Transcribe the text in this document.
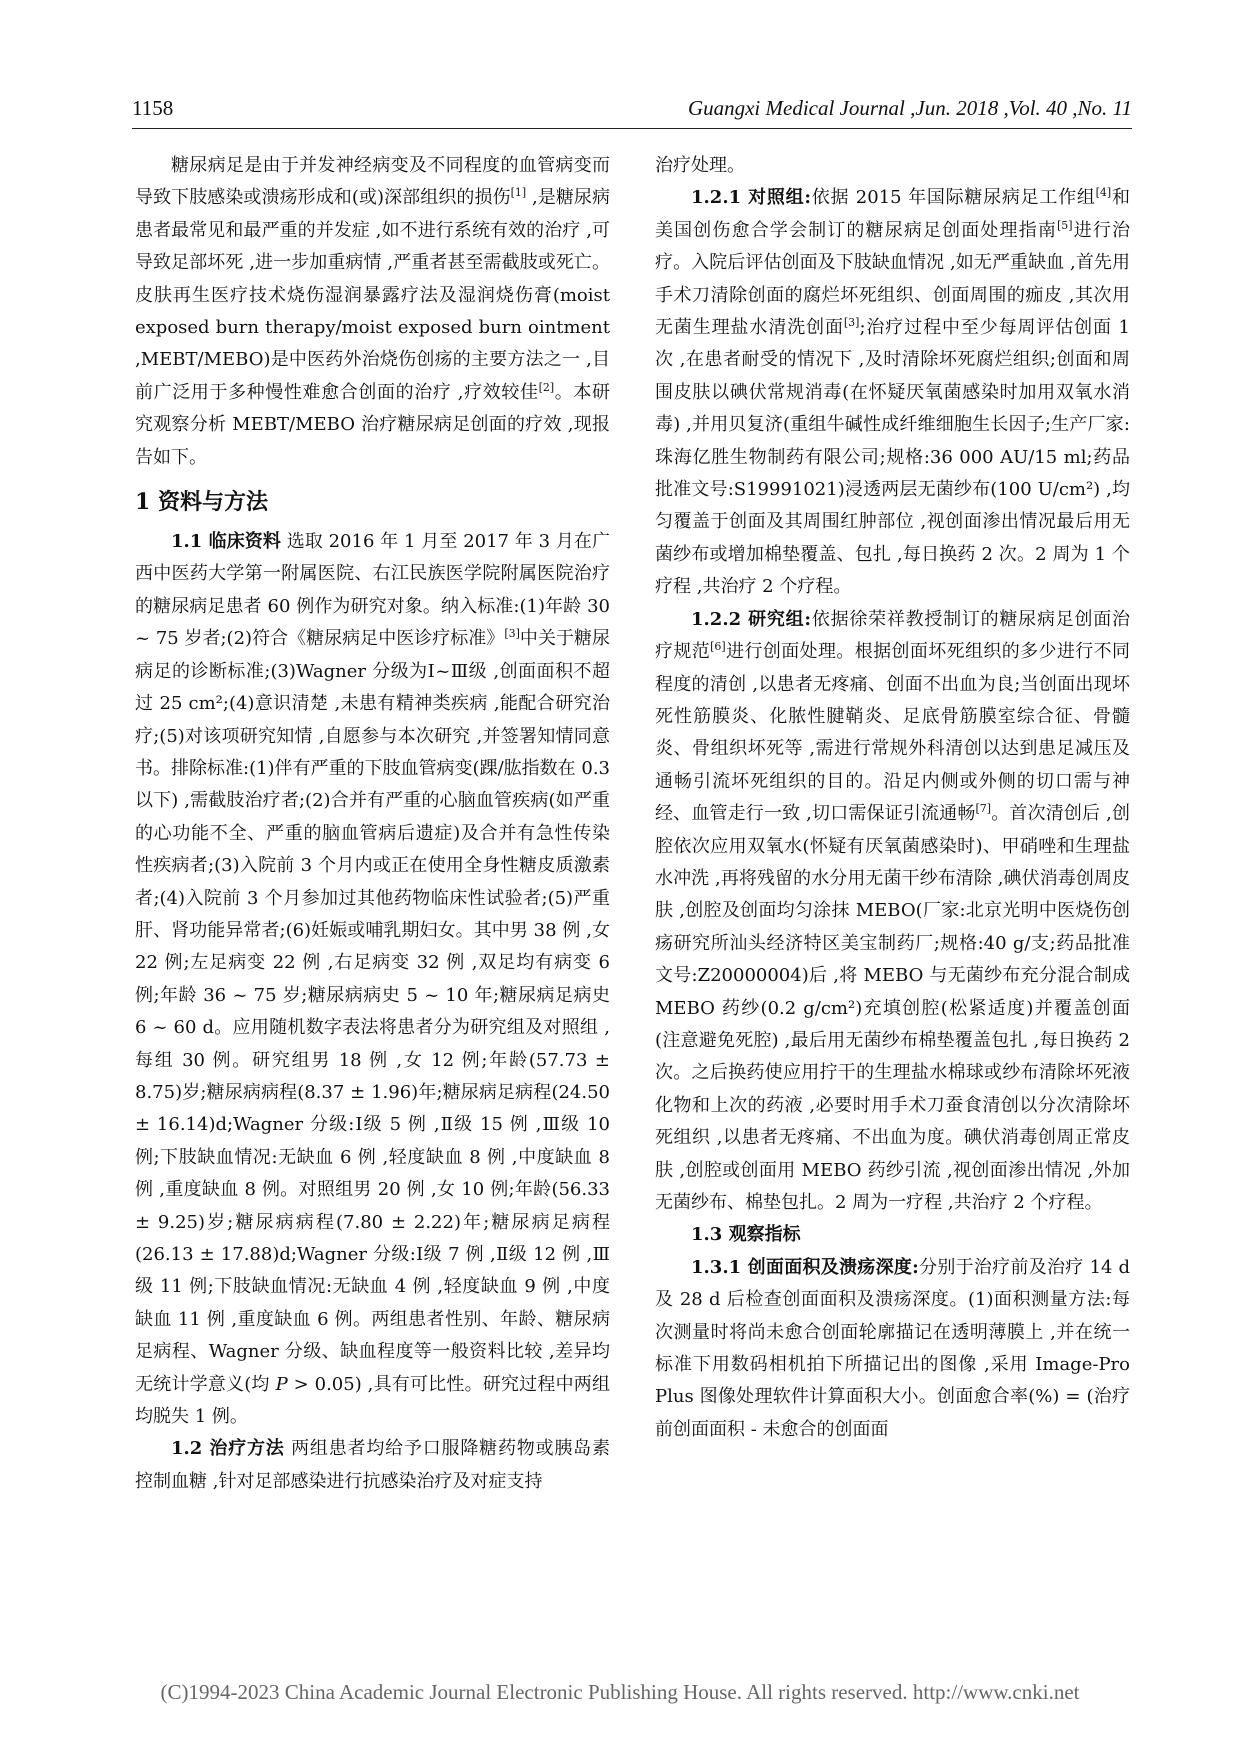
1158	Guangxi Medical Journal ,Jun. 2018 ,Vol. 40 ,No. 11

糖尿病足是由于并发神经病变及不同程度的血管病变而导致下肢感染或溃疡形成和(或)深部组织的损伤[1] ,是糖尿病患者最常见和最严重的并发症 ,如不进行系统有效的治疗 ,可导致足部坏死 ,进一步加重病情 ,严重者甚至需截肢或死亡。皮肤再生医疗技术烧伤湿润暴露疗法及湿润烧伤膏(moist exposed burn therapy/moist exposed burn ointment ,MEBT/MEBO)是中医药外治烧伤创疡的主要方法之一 ,目前广泛用于多种慢性难愈合创面的治疗 ,疗效较佳[2]。本研究观察分析 MEBT/MEBO 治疗糖尿病足创面的疗效 ,现报告如下。

1 资料与方法

1.1 临床资料 选取 2016 年 1 月至 2017 年 3 月在广西中医药大学第一附属医院、右江民族医学院附属医院治疗的糖尿病足患者 60 例作为研究对象。纳入标准:(1)年龄 30 ~ 75 岁者;(2)符合《糖尿病足中医诊疗标准》[3]中关于糖尿病足的诊断标准;(3)Wagner 分级为Ⅰ~Ⅲ级 ,创面面积不超过 25 cm²;(4)意识清楚 ,未患有精神类疾病 ,能配合研究治疗;(5)对该项研究知情 ,自愿参与本次研究 ,并签署知情同意书。排除标准:(1)伴有严重的下肢血管病变(踝/肱指数在 0.3 以下) ,需截肢治疗者;(2)合并有严重的心脑血管疾病(如严重的心功能不全、严重的脑血管病后遗症)及合并有急性传染性疾病者;(3)入院前 3 个月内或正在使用全身性糖皮质激素者;(4)入院前 3 个月参加过其他药物临床性试验者;(5)严重肝、肾功能异常者;(6)妊娠或哺乳期妇女。其中男 38 例 ,女 22 例;左足病变 22 例 ,右足病变 32 例 ,双足均有病变 6 例;年龄 36 ~ 75 岁;糖尿病病史 5 ~ 10 年;糖尿病足病史 6 ~ 60 d。应用随机数字表法将患者分为研究组及对照组 ,每组 30 例。研究组男 18 例 ,女 12 例;年龄(57.73 ± 8.75)岁;糖尿病病程(8.37 ± 1.96)年;糖尿病足病程(24.50 ± 16.14)d;Wagner 分级:Ⅰ级 5 例 ,Ⅱ级 15 例 ,Ⅲ级 10 例;下肢缺血情况:无缺血 6 例 ,轻度缺血 8 例 ,中度缺血 8 例 ,重度缺血 8 例。对照组男 20 例 ,女 10 例;年龄(56.33 ± 9.25)岁;糖尿病病程(7.80 ± 2.22)年;糖尿病足病程(26.13 ± 17.88)d;Wagner 分级:Ⅰ级 7 例 ,Ⅱ级 12 例 ,Ⅲ级 11 例;下肢缺血情况:无缺血 4 例 ,轻度缺血 9 例 ,中度缺血 11 例 ,重度缺血 6 例。两组患者性别、年龄、糖尿病足病程、Wagner 分级、缺血程度等一般资料比较 ,差异均无统计学意义(均 P > 0.05) ,具有可比性。研究过程中两组均脱失 1 例。

1.2 治疗方法 两组患者均给予口服降糖药物或胰岛素控制血糖 ,针对足部感染进行抗感染治疗及对症支持

治疗处理。

1.2.1 对照组:依据 2015 年国际糖尿病足工作组[4]和美国创伤愈合学会制订的糖尿病足创面处理指南[5]进行治疗。入院后评估创面及下肢缺血情况 ,如无严重缺血 ,首先用手术刀清除创面的腐烂坏死组织、创面周围的痂皮 ,其次用无菌生理盐水清洗创面[3];治疗过程中至少每周评估创面 1 次 ,在患者耐受的情况下 ,及时清除坏死腐烂组织;创面和周围皮肤以碘伏常规消毒(在怀疑厌氧菌感染时加用双氧水消毒) ,并用贝复济(重组牛碱性成纤维细胞生长因子;生产厂家:珠海亿胜生物制药有限公司;规格:36 000 AU/15 ml;药品批准文号:S19991021)浸透两层无菌纱布(100 U/cm²) ,均匀覆盖于创面及其周围红肿部位 ,视创面渗出情况最后用无菌纱布或增加棉垫覆盖、包扎 ,每日换药 2 次。2 周为 1 个疗程 ,共治疗 2 个疗程。

1.2.2 研究组:依据徐荣祥教授制订的糖尿病足创面治疗规范[6]进行创面处理。根据创面坏死组织的多少进行不同程度的清创 ,以患者无疼痛、创面不出血为良;当创面出现坏死性筋膜炎、化脓性腱鞘炎、足底骨筋膜室综合征、骨髓炎、骨组织坏死等 ,需进行常规外科清创以达到患足减压及通畅引流坏死组织的目的。沿足内侧或外侧的切口需与神经、血管走行一致 ,切口需保证引流通畅[7]。首次清创后 ,创腔依次应用双氧水(怀疑有厌氧菌感染时)、甲硝唑和生理盐水冲洗 ,再将残留的水分用无菌干纱布清除 ,碘伏消毒创周皮肤 ,创腔及创面均匀涂抹 MEBO(厂家:北京光明中医烧伤创疡研究所汕头经济特区美宝制药厂;规格:40 g/支;药品批准文号:Z20000004)后 ,将 MEBO 与无菌纱布充分混合制成 MEBO 药纱(0.2 g/cm²)充填创腔(松紧适度)并覆盖创面(注意避免死腔) ,最后用无菌纱布棉垫覆盖包扎 ,每日换药 2 次。之后换药使应用拧干的生理盐水棉球或纱布清除坏死液化物和上次的药液 ,必要时用手术刀蚕食清创以分次清除坏死组织 ,以患者无疼痛、不出血为度。碘伏消毒创周正常皮肤 ,创腔或创面用 MEBO 药纱引流 ,视创面渗出情况 ,外加无菌纱布、棉垫包扎。2 周为一疗程 ,共治疗 2 个疗程。

1.3 观察指标

1.3.1 创面面积及溃疡深度:分别于治疗前及治疗 14 d 及 28 d 后检查创面面积及溃疡深度。(1)面积测量方法:每次测量时将尚未愈合创面轮廓描记在透明薄膜上 ,并在统一标准下用数码相机拍下所描记出的图像 ,采用 Image-Pro Plus 图像处理软件计算面积大小。创面愈合率(%) = (治疗前创面面积 - 未愈合的创面面

(C)1994-2023 China Academic Journal Electronic Publishing House. All rights reserved. http://www.cnki.net
